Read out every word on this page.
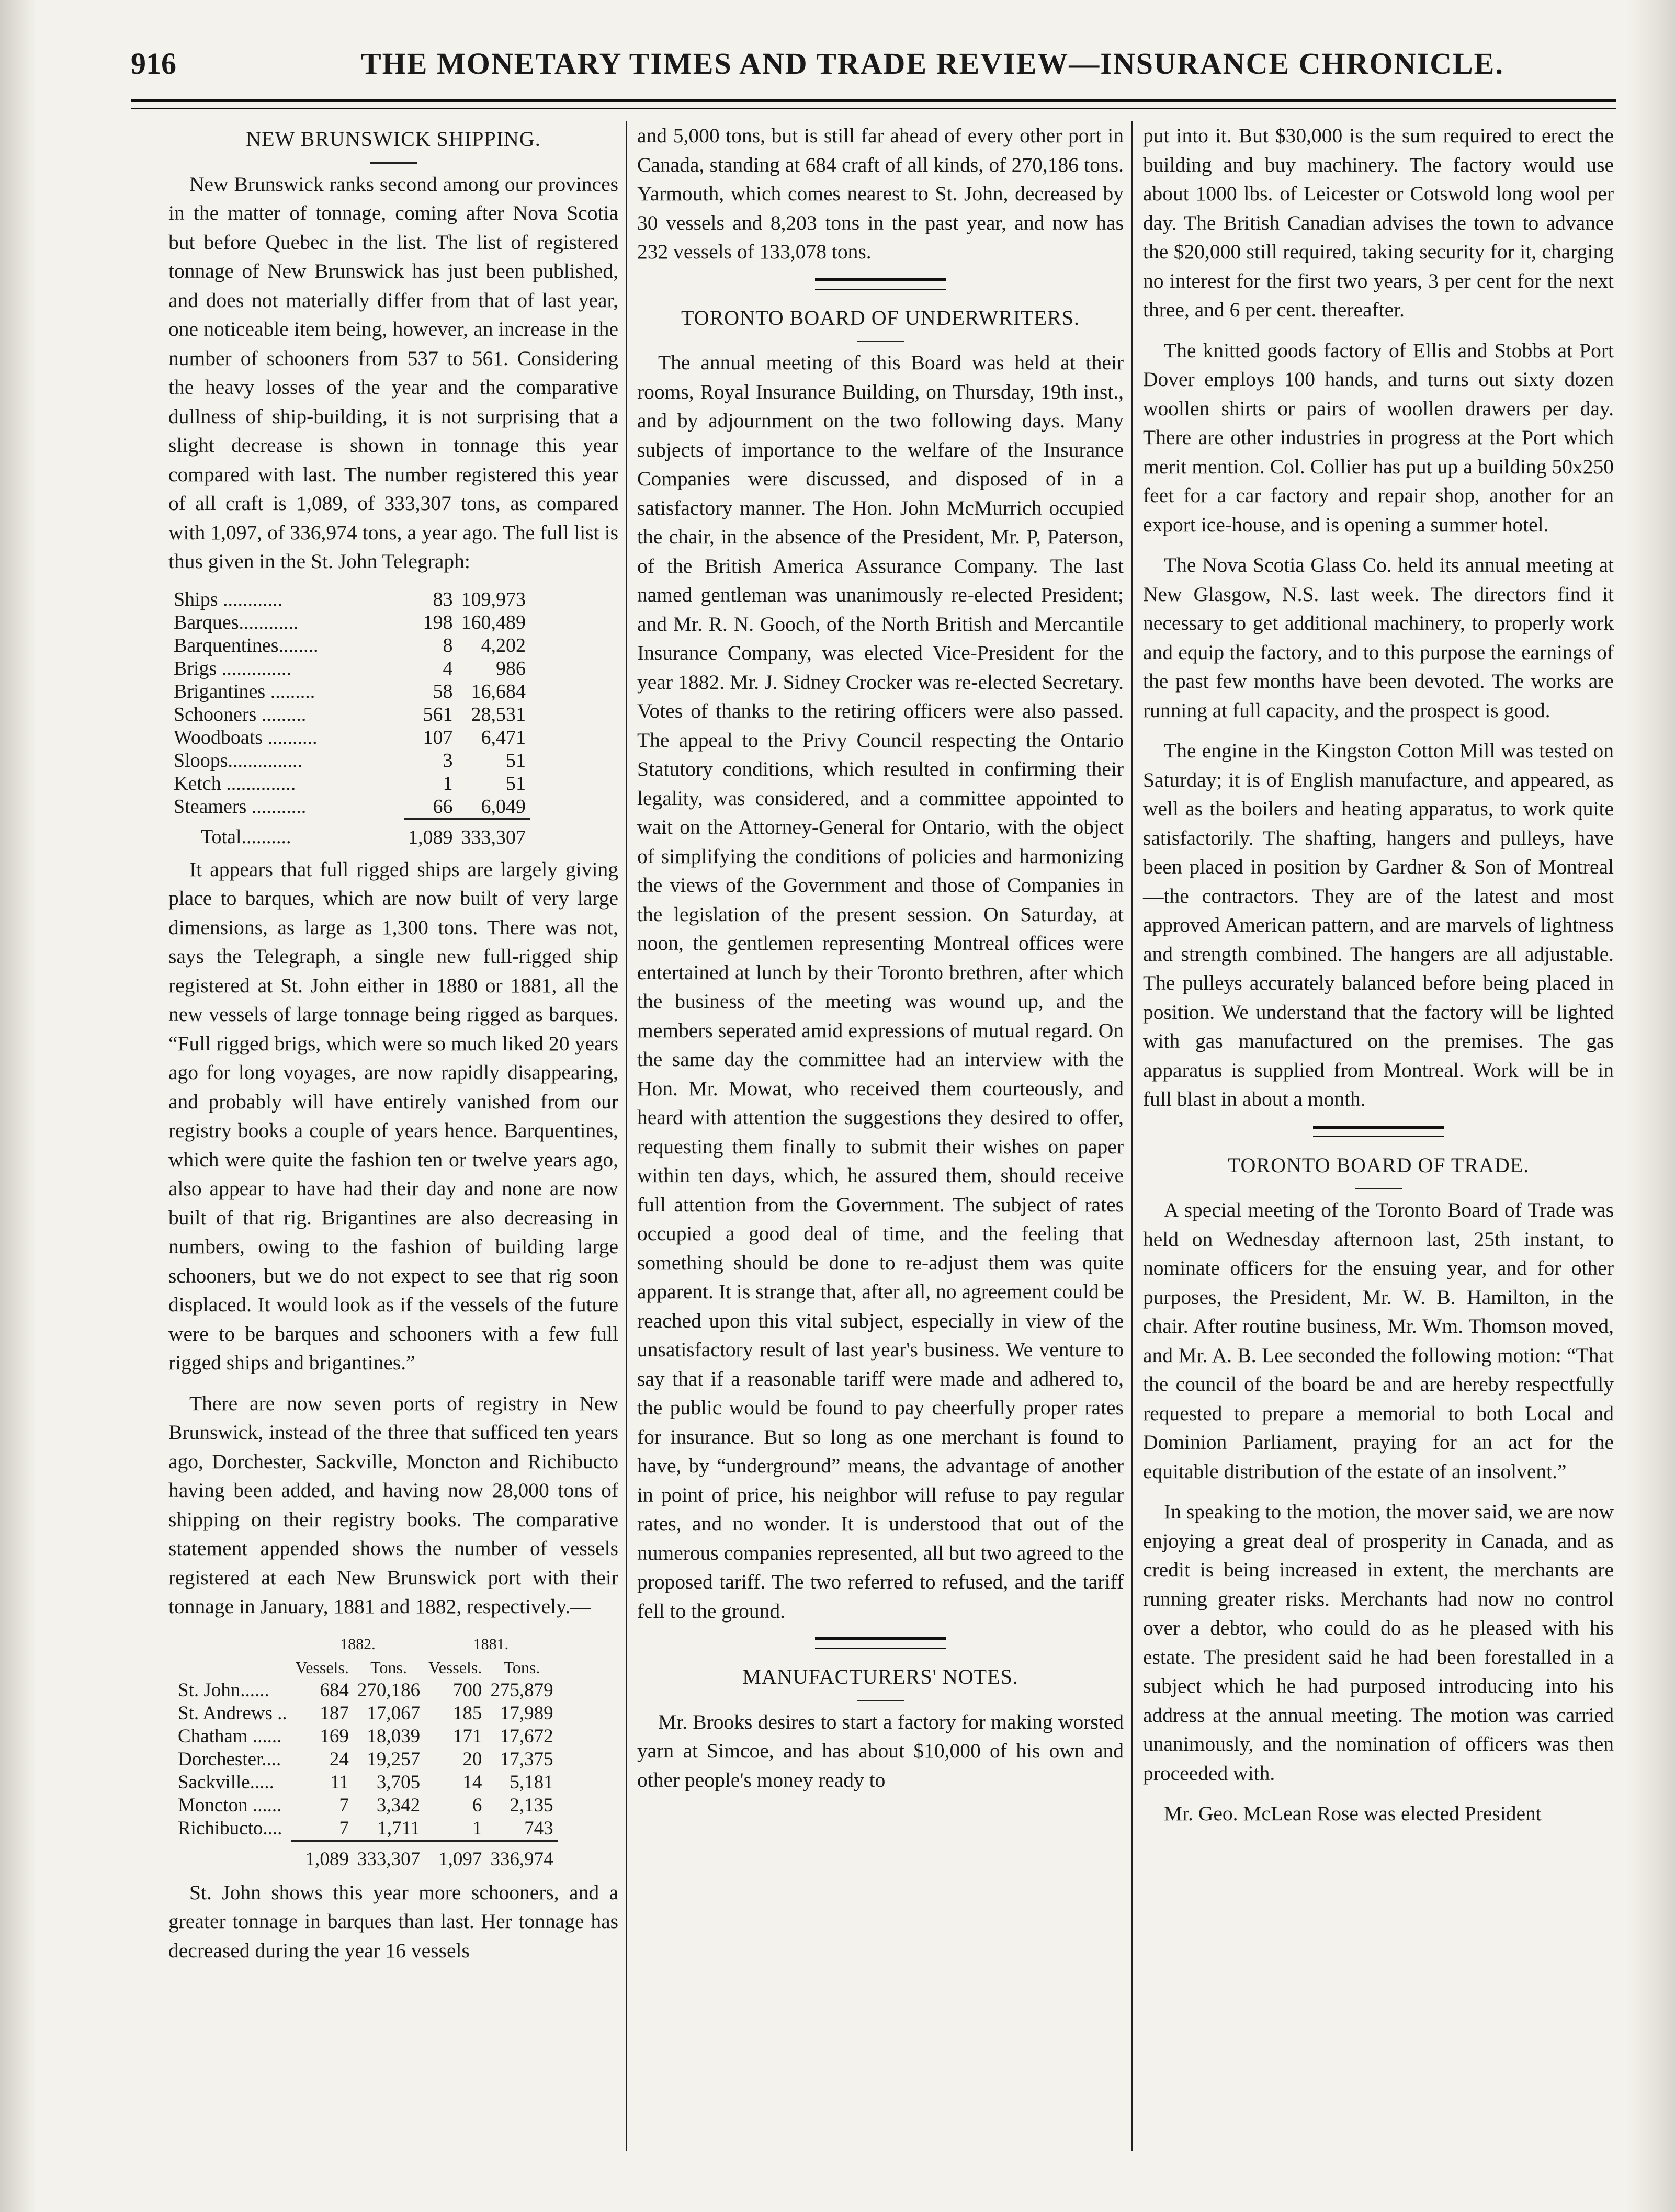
916	THE MONETARY TIMES AND TRADE REVIEW—INSURANCE CHRONICLE.
NEW BRUNSWICK SHIPPING.

New Brunswick ranks second among our provinces in the matter of tonnage, coming after Nova Scotia but before Quebec in the list. The list of registered tonnage of New Brunswick has just been published, and does not materially differ from that of last year, one noticeable item being, however, an increase in the number of schooners from 537 to 561. Considering the heavy losses of the year and the comparative dullness of ship-building, it is not surprising that a slight decrease is shown in tonnage this year compared with last. The number registered this year of all craft is 1,089, of 333,307 tons, as compared with 1,097, of 336,974 tons, a year ago. The full list is thus given in the St. John Telegraph:

Ships ............	83	109,973
Barques............	198	160,489
Barquentines........	8	4,202
Brigs ..............	4	986
Brigantines .........	58	16,684
Schooners .........	561	28,531
Woodboats ..........	107	6,471
Sloops...............	3	51
Ketch ..............	1	51
Steamers ...........	66	6,049
Total..........	1,089	333,307

It appears that full rigged ships are largely giving place to barques, which are now built of very large dimensions, as large as 1,300 tons. There was not, says the Telegraph, a single new full-rigged ship registered at St. John either in 1880 or 1881, all the new vessels of large tonnage being rigged as barques. “Full rigged brigs, which were so much liked 20 years ago for long voyages, are now rapidly disappearing, and probably will have entirely vanished from our registry books a couple of years hence. Barquentines, which were quite the fashion ten or twelve years ago, also appear to have had their day and none are now built of that rig. Brigantines are also decreasing in numbers, owing to the fashion of building large schooners, but we do not expect to see that rig soon displaced. It would look as if the vessels of the future were to be barques and schooners with a few full rigged ships and brigantines.”

There are now seven ports of registry in New Brunswick, instead of the three that sufficed ten years ago, Dorchester, Sackville, Moncton and Richibucto having been added, and having now 28,000 tons of shipping on their registry books. The comparative statement appended shows the number of vessels registered at each New Brunswick port with their tonnage in January, 1881 and 1882, respectively.—

	1882.		1881.	
	Vessels.	Tons.	Vessels.	Tons.
St. John......	684	270,186	700	275,879
St. Andrews ..	187	17,067	185	17,989
Chatham ......	169	18,039	171	17,672
Dorchester....	24	19,257	20	17,375
Sackville.....	11	3,705	14	5,181
Moncton ......	7	3,342	6	2,135
Richibucto....	7	1,711	1	743
	1,089	333,307	1,097	336,974

St. John shows this year more schooners, and a greater tonnage in barques than last. Her tonnage has decreased during the year 16 vessels

and 5,000 tons, but is still far ahead of every other port in Canada, standing at 684 craft of all kinds, of 270,186 tons. Yarmouth, which comes nearest to St. John, decreased by 30 vessels and 8,203 tons in the past year, and now has 232 vessels of 133,078 tons.

TORONTO BOARD OF UNDERWRITERS.

The annual meeting of this Board was held at their rooms, Royal Insurance Building, on Thursday, 19th inst., and by adjournment on the two following days. Many subjects of importance to the welfare of the Insurance Companies were discussed, and disposed of in a satisfactory manner. The Hon. John McMurrich occupied the chair, in the absence of the President, Mr. P, Paterson, of the British America Assurance Company. The last named gentleman was unanimously re-elected President; and Mr. R. N. Gooch, of the North British and Mercantile Insurance Company, was elected Vice-President for the year 1882. Mr. J. Sidney Crocker was re-elected Secretary. Votes of thanks to the retiring officers were also passed. The appeal to the Privy Council respecting the Ontario Statutory conditions, which resulted in confirming their legality, was considered, and a committee appointed to wait on the Attorney-General for Ontario, with the object of simplifying the conditions of policies and harmonizing the views of the Government and those of Companies in the legislation of the present session. On Saturday, at noon, the gentlemen representing Montreal offices were entertained at lunch by their Toronto brethren, after which the business of the meeting was wound up, and the members seperated amid expressions of mutual regard. On the same day the committee had an interview with the Hon. Mr. Mowat, who received them courteously, and heard with attention the suggestions they desired to offer, requesting them finally to submit their wishes on paper within ten days, which, he assured them, should receive full attention from the Government. The subject of rates occupied a good deal of time, and the feeling that something should be done to re-adjust them was quite apparent. It is strange that, after all, no agreement could be reached upon this vital subject, especially in view of the unsatisfactory result of last year's business. We venture to say that if a reasonable tariff were made and adhered to, the public would be found to pay cheerfully proper rates for insurance. But so long as one merchant is found to have, by “underground” means, the advantage of another in point of price, his neighbor will refuse to pay regular rates, and no wonder. It is understood that out of the numerous companies represented, all but two agreed to the proposed tariff. The two referred to refused, and the tariff fell to the ground.

MANUFACTURERS' NOTES.

Mr. Brooks desires to start a factory for making worsted yarn at Simcoe, and has about $10,000 of his own and other people's money ready to

put into it. But $30,000 is the sum required to erect the building and buy machinery. The factory would use about 1000 lbs. of Leicester or Cotswold long wool per day. The British Canadian advises the town to advance the $20,000 still required, taking security for it, charging no interest for the first two years, 3 per cent for the next three, and 6 per cent. thereafter.

The knitted goods factory of Ellis and Stobbs at Port Dover employs 100 hands, and turns out sixty dozen woollen shirts or pairs of woollen drawers per day. There are other industries in progress at the Port which merit mention. Col. Collier has put up a building 50x250 feet for a car factory and repair shop, another for an export ice-house, and is opening a summer hotel.

The Nova Scotia Glass Co. held its annual meeting at New Glasgow, N.S. last week. The directors find it necessary to get additional machinery, to properly work and equip the factory, and to this purpose the earnings of the past few months have been devoted. The works are running at full capacity, and the prospect is good.

The engine in the Kingston Cotton Mill was tested on Saturday; it is of English manufacture, and appeared, as well as the boilers and heating apparatus, to work quite satisfactorily. The shafting, hangers and pulleys, have been placed in position by Gardner & Son of Montreal—the contractors. They are of the latest and most approved American pattern, and are marvels of lightness and strength combined. The hangers are all adjustable. The pulleys accurately balanced before being placed in position. We understand that the factory will be lighted with gas manufactured on the premises. The gas apparatus is supplied from Montreal. Work will be in full blast in about a month.

TORONTO BOARD OF TRADE.

A special meeting of the Toronto Board of Trade was held on Wednesday afternoon last, 25th instant, to nominate officers for the ensuing year, and for other purposes, the President, Mr. W. B. Hamilton, in the chair. After routine business, Mr. Wm. Thomson moved, and Mr. A. B. Lee seconded the following motion: “That the council of the board be and are hereby respectfully requested to prepare a memorial to both Local and Dominion Parliament, praying for an act for the equitable distribution of the estate of an insolvent.”

In speaking to the motion, the mover said, we are now enjoying a great deal of prosperity in Canada, and as credit is being increased in extent, the merchants are running greater risks. Merchants had now no control over a debtor, who could do as he pleased with his estate. The president said he had been forestalled in a subject which he had purposed introducing into his address at the annual meeting. The motion was carried unanimously, and the nomination of officers was then proceeded with.

Mr. Geo. McLean Rose was elected President
